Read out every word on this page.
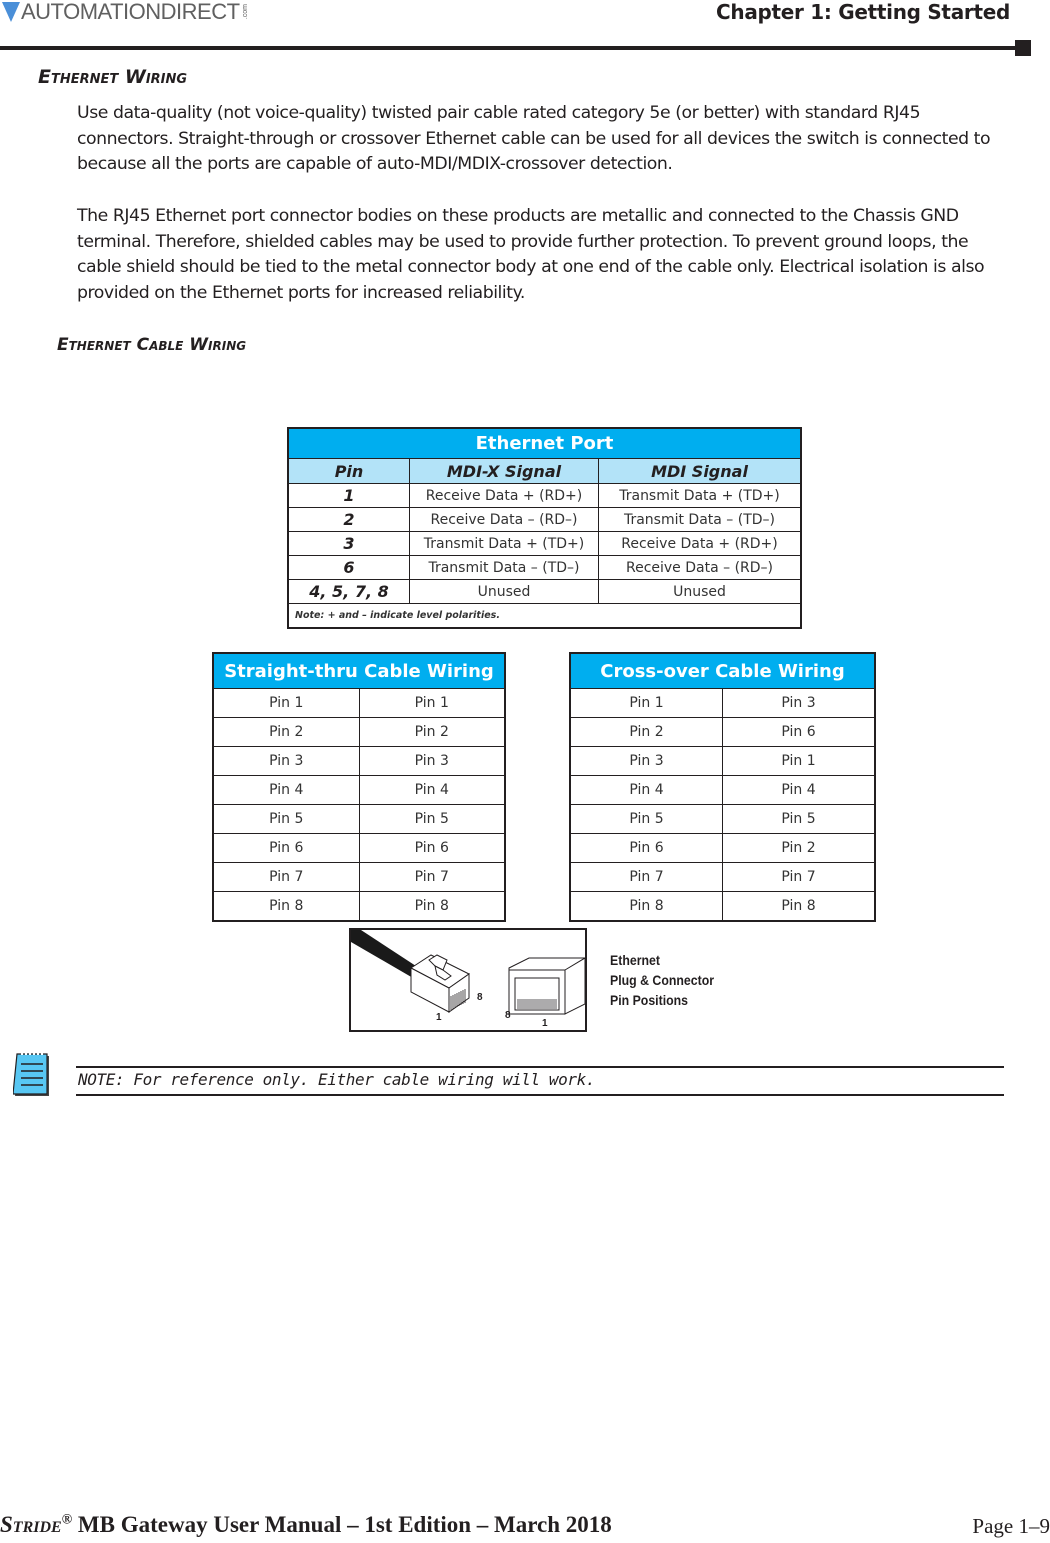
AUTOMATIONDIRECT .com	Chapter 1: Getting Started
Ethernet Wiring
Use data-quality (not voice-quality) twisted pair cable rated category 5e (or better) with standard RJ45 connectors. Straight-through or crossover Ethernet cable can be used for all devices the switch is connected to because all the ports are capable of auto-MDI/MDIX-crossover detection.
The RJ45 Ethernet port connector bodies on these products are metallic and connected to the Chassis GND terminal. Therefore, shielded cables may be used to provide further protection. To prevent ground loops, the cable shield should be tied to the metal connector body at one end of the cable only. Electrical isolation is also provided on the Ethernet ports for increased reliability.
Ethernet Cable Wiring
Ethernet Port		
Pin	MDI-X Signal	MDI Signal
1	Receive Data + (RD+)	Transmit Data + (TD+)
2	Receive Data – (RD–)	Transmit Data – (TD–)
3	Transmit Data + (TD+)	Receive Data + (RD+)
6	Transmit Data – (TD–)	Receive Data – (RD–)
4, 5, 7, 8	Unused	Unused
Note: + and – indicate level polarities.		
Straight-thru Cable Wiring	
Pin 1	Pin 1
Pin 2	Pin 2
Pin 3	Pin 3
Pin 4	Pin 4
Pin 5	Pin 5
Pin 6	Pin 6
Pin 7	Pin 7
Pin 8	Pin 8
Cross-over Cable Wiring	
Pin 1	Pin 3
Pin 2	Pin 6
Pin 3	Pin 1
Pin 4	Pin 4
Pin 5	Pin 5
Pin 6	Pin 2
Pin 7	Pin 7
Pin 8	Pin 8
8
1	8
1
Ethernet
Plug & Connector
Pin Positions
NOTE: For reference only. Either cable wiring will work.
Stride® MB Gateway User Manual – 1st Edition – March 2018	Page 1–9
